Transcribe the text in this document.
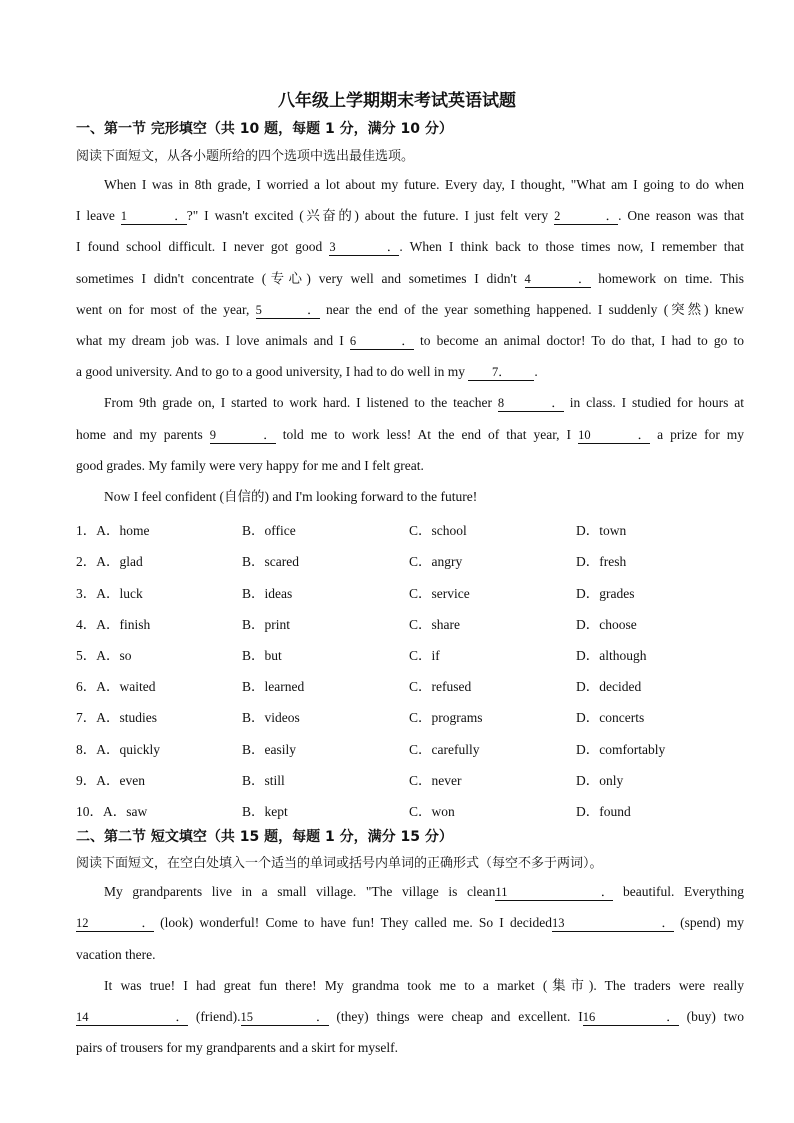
八年级上学期期末考试英语试题
一、第一节 完形填空（共 10 题，每题 1 分，满分 10 分）
阅读下面短文，从各小题所给的四个选项中选出最佳选项。
When I was in 8th grade, I worried a lot about my future. Every day, I thought, "What am I going to do when
I leave 1．?" I wasn't excited (兴奋的) about the future. I just felt very 2．. One reason was that
I found school difficult. I never got good 3．. When I think back to those times now, I remember that
sometimes I didn't concentrate (专心) very well and sometimes I didn't 4． homework on time. This
went on for most of the year, 5． near the end of the year something happened. I suddenly (突然) knew
what my dream job was. I love animals and I 6． to become an animal doctor! To do that, I had to go to
a good university. And to go to a good university, I had to do well in my 7． .
From 9th grade on, I started to work hard. I listened to the teacher 8． in class. I studied for hours at
home and my parents 9． told me to work less! At the end of that year, I 10． a prize for my
good grades. My family were very happy for me and I felt great.
Now I feel confident (自信的) and I'm looking forward to the future!
1．A．home	B．office	C．school	D．town
2．A．glad	B．scared	C．angry	D．fresh
3．A．luck	B．ideas	C．service	D．grades
4．A．finish	B．print	C．share	D．choose
5．A．so	B．but	C．if	D．although
6．A．waited	B．learned	C．refused	D．decided
7．A．studies	B．videos	C．programs	D．concerts
8．A．quickly	B．easily	C．carefully	D．comfortably
9．A．even	B．still	C．never	D．only
10．A．saw	B．kept	C．won	D．found
二、第二节 短文填空（共 15 题，每题 1 分，满分 15 分）
阅读下面短文，在空白处填入一个适当的单词或括号内单词的正确形式（每空不多于两词）。
My grandparents live in a small village. "The village is clean11． beautiful. Everything
12． (look) wonderful! Come to have fun! They called me. So I decided13． (spend) my
vacation there.
It was true! I had great fun there! My grandma took me to a market (集市). The traders were really
14． (friend).15． (they) things were cheap and excellent. I16． (buy) two
pairs of trousers for my grandparents and a skirt for myself.
